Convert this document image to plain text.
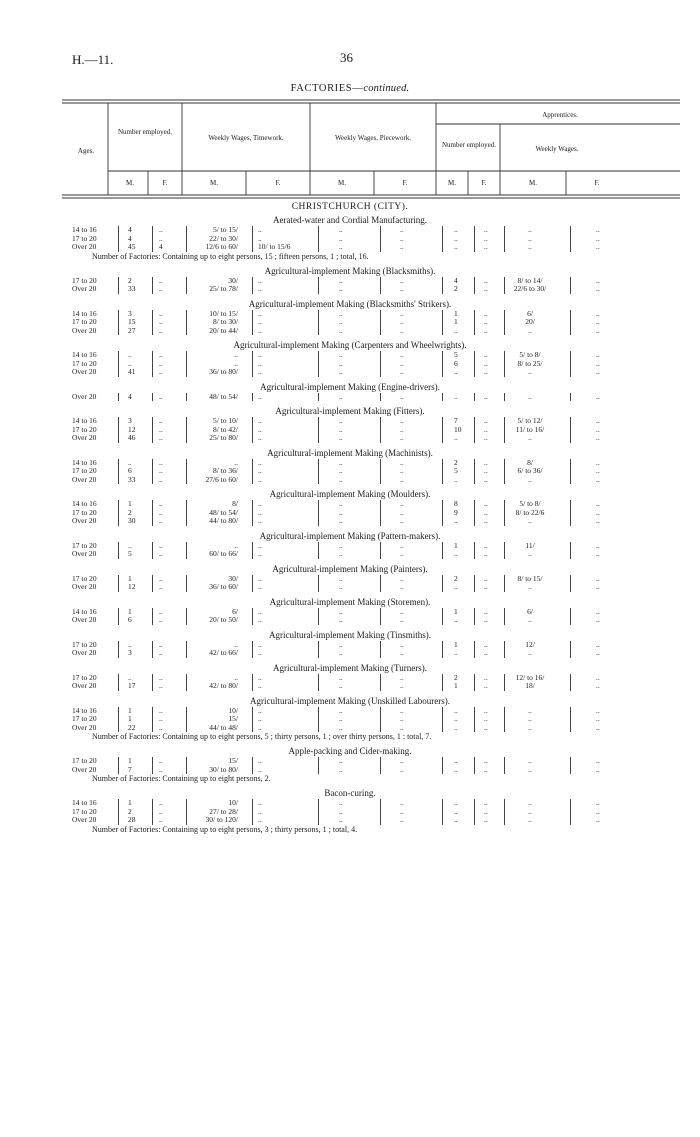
H.—11.	36
FACTORIES—continued.
Ages.
Number employed.
Weekly Wages, Timework.	Weekly Wages, Piecework.
Apprentices.
Number employed.	Weekly Wages.
M.	F.	M.	F.	M.	F.	M.	F.	M.	F.
CHRISTCHURCH (CITY).
Aerated-water and Cordial Manufacturing.
14 to 16	4	..	5/ to 15/	..	..	..	..	..	..	..
17 to 20	4	..	22/ to 30/	..	..	..	..	..	..	..
Over 20	45	4	12/6 to 60/	10/ to 15/6	..	..	..	..	..	..
Number of Factories: Containing up to eight persons, 15 ; fifteen persons, 1 ; total, 16.
Agricultural-implement Making (Blacksmiths).
17 to 20	2	..	30/	..	..	..	4	..	8/ to 14/	..
Over 20	33	..	25/ to 78/	..	..	..	2	..	22/6 to 30/	..
Agricultural-implement Making (Blacksmiths' Strikers).
14 to 16	3	..	10/ to 15/	..	..	..	1	..	6/	..
17 to 20	15	..	8/ to 30/	..	..	..	1	..	20/	..
Over 20	27	..	20/ to 44/	..	..	..	..	..	..	..
Agricultural-implement Making (Carpenters and Wheelwrights).
14 to 16	..	..	..	..	..	..	5	..	5/ to 8/	..
17 to 20	..	..	..	..	..	..	6	..	8/ to 25/	..
Over 20	41	..	36/ to 80/	..	..	..	..	..	..	..
Agricultural-implement Making (Engine-drivers).
Over 20	4	..	48/ to 54/	..	..	..	..	..	..	..
Agricultural-implement Making (Fitters).
14 to 16	3	..	5/ to 10/	..	..	..	7	..	5/ to 12/	..
17 to 20	12	..	8/ to 42/	..	..	..	10	..	11/ to 16/	..
Over 20	46	..	25/ to 80/	..	..	..	..	..	..	..
Agricultural-implement Making (Machinists).
14 to 16	..	..	..	..	..	..	2	..	8/	..
17 to 20	6	..	8/ to 36/	..	..	..	5	..	6/ to 36/	..
Over 20	33	..	27/6 to 60/	..	..	..	..	..	..	..
Agricultural-implement Making (Moulders).
14 to 16	1	..	8/	..	..	..	8	..	5/ to 8/	..
17 to 20	2	..	48/ to 54/	..	..	..	9	..	8/ to 22/6	..
Over 20	30	..	44/ to 80/	..	..	..	..	..	..	..
Agricultural-implement Making (Pattern-makers).
17 to 20	..	..	..	..	..	..	1	..	11/	..
Over 20	5	..	60/ to 66/	..	..	..	..	..	..	..
Agricultural-implement Making (Painters).
17 to 20	1	..	30/	..	..	..	2	..	8/ to 15/	..
Over 20	12	..	36/ to 60/	..	..	..	..	..	..	..
Agricultural-implement Making (Storemen).
14 to 16	1	..	6/	..	..	..	1	..	6/	..
Over 20	6	..	20/ to 50/	..	..	..	..	..	..	..
Agricultural-implement Making (Tinsmiths).
17 to 20	..	..	..	..	..	..	1	..	12/	..
Over 20	3	..	42/ to 66/	..	..	..	..	..	..	..
Agricultural-implement Making (Turners).
17 to 20	..	..	..	..	..	..	2	..	12/ to 16/	..
Over 20	17	..	42/ to 80/	..	..	..	1	..	18/	..
Agricultural-implement Making (Unskilled Labourers).
14 to 16	1	..	10/	..	..	..	..	..	..	..
17 to 20	1	..	15/	..	..	..	..	..	..	..
Over 20	22	..	44/ to 48/	..	..	..	..	..	..	..
Number of Factories: Containing up to eight persons, 5 ; thirty persons, 1 ; over thirty persons, 1 : total, 7.
Apple-packing and Cider-making.
17 to 20	1	..	15/	..	..	..	..	..	..	..
Over 20	7	..	30/ to 80/	..	..	..	..	..	..	..
Number of Factories: Containing up to eight persons, 2.
Bacon-curing.
14 to 16	1	..	10/	..	..	..	..	..	..	..
17 to 20	2	..	27/ to 28/	..	..	..	..	..	..	..
Over 20	28	..	30/ to 120/	..	..	..	..	..	..	..
Number of Factories: Containing up to eight persons, 3 ; thirty persons, 1 ; total, 4.
